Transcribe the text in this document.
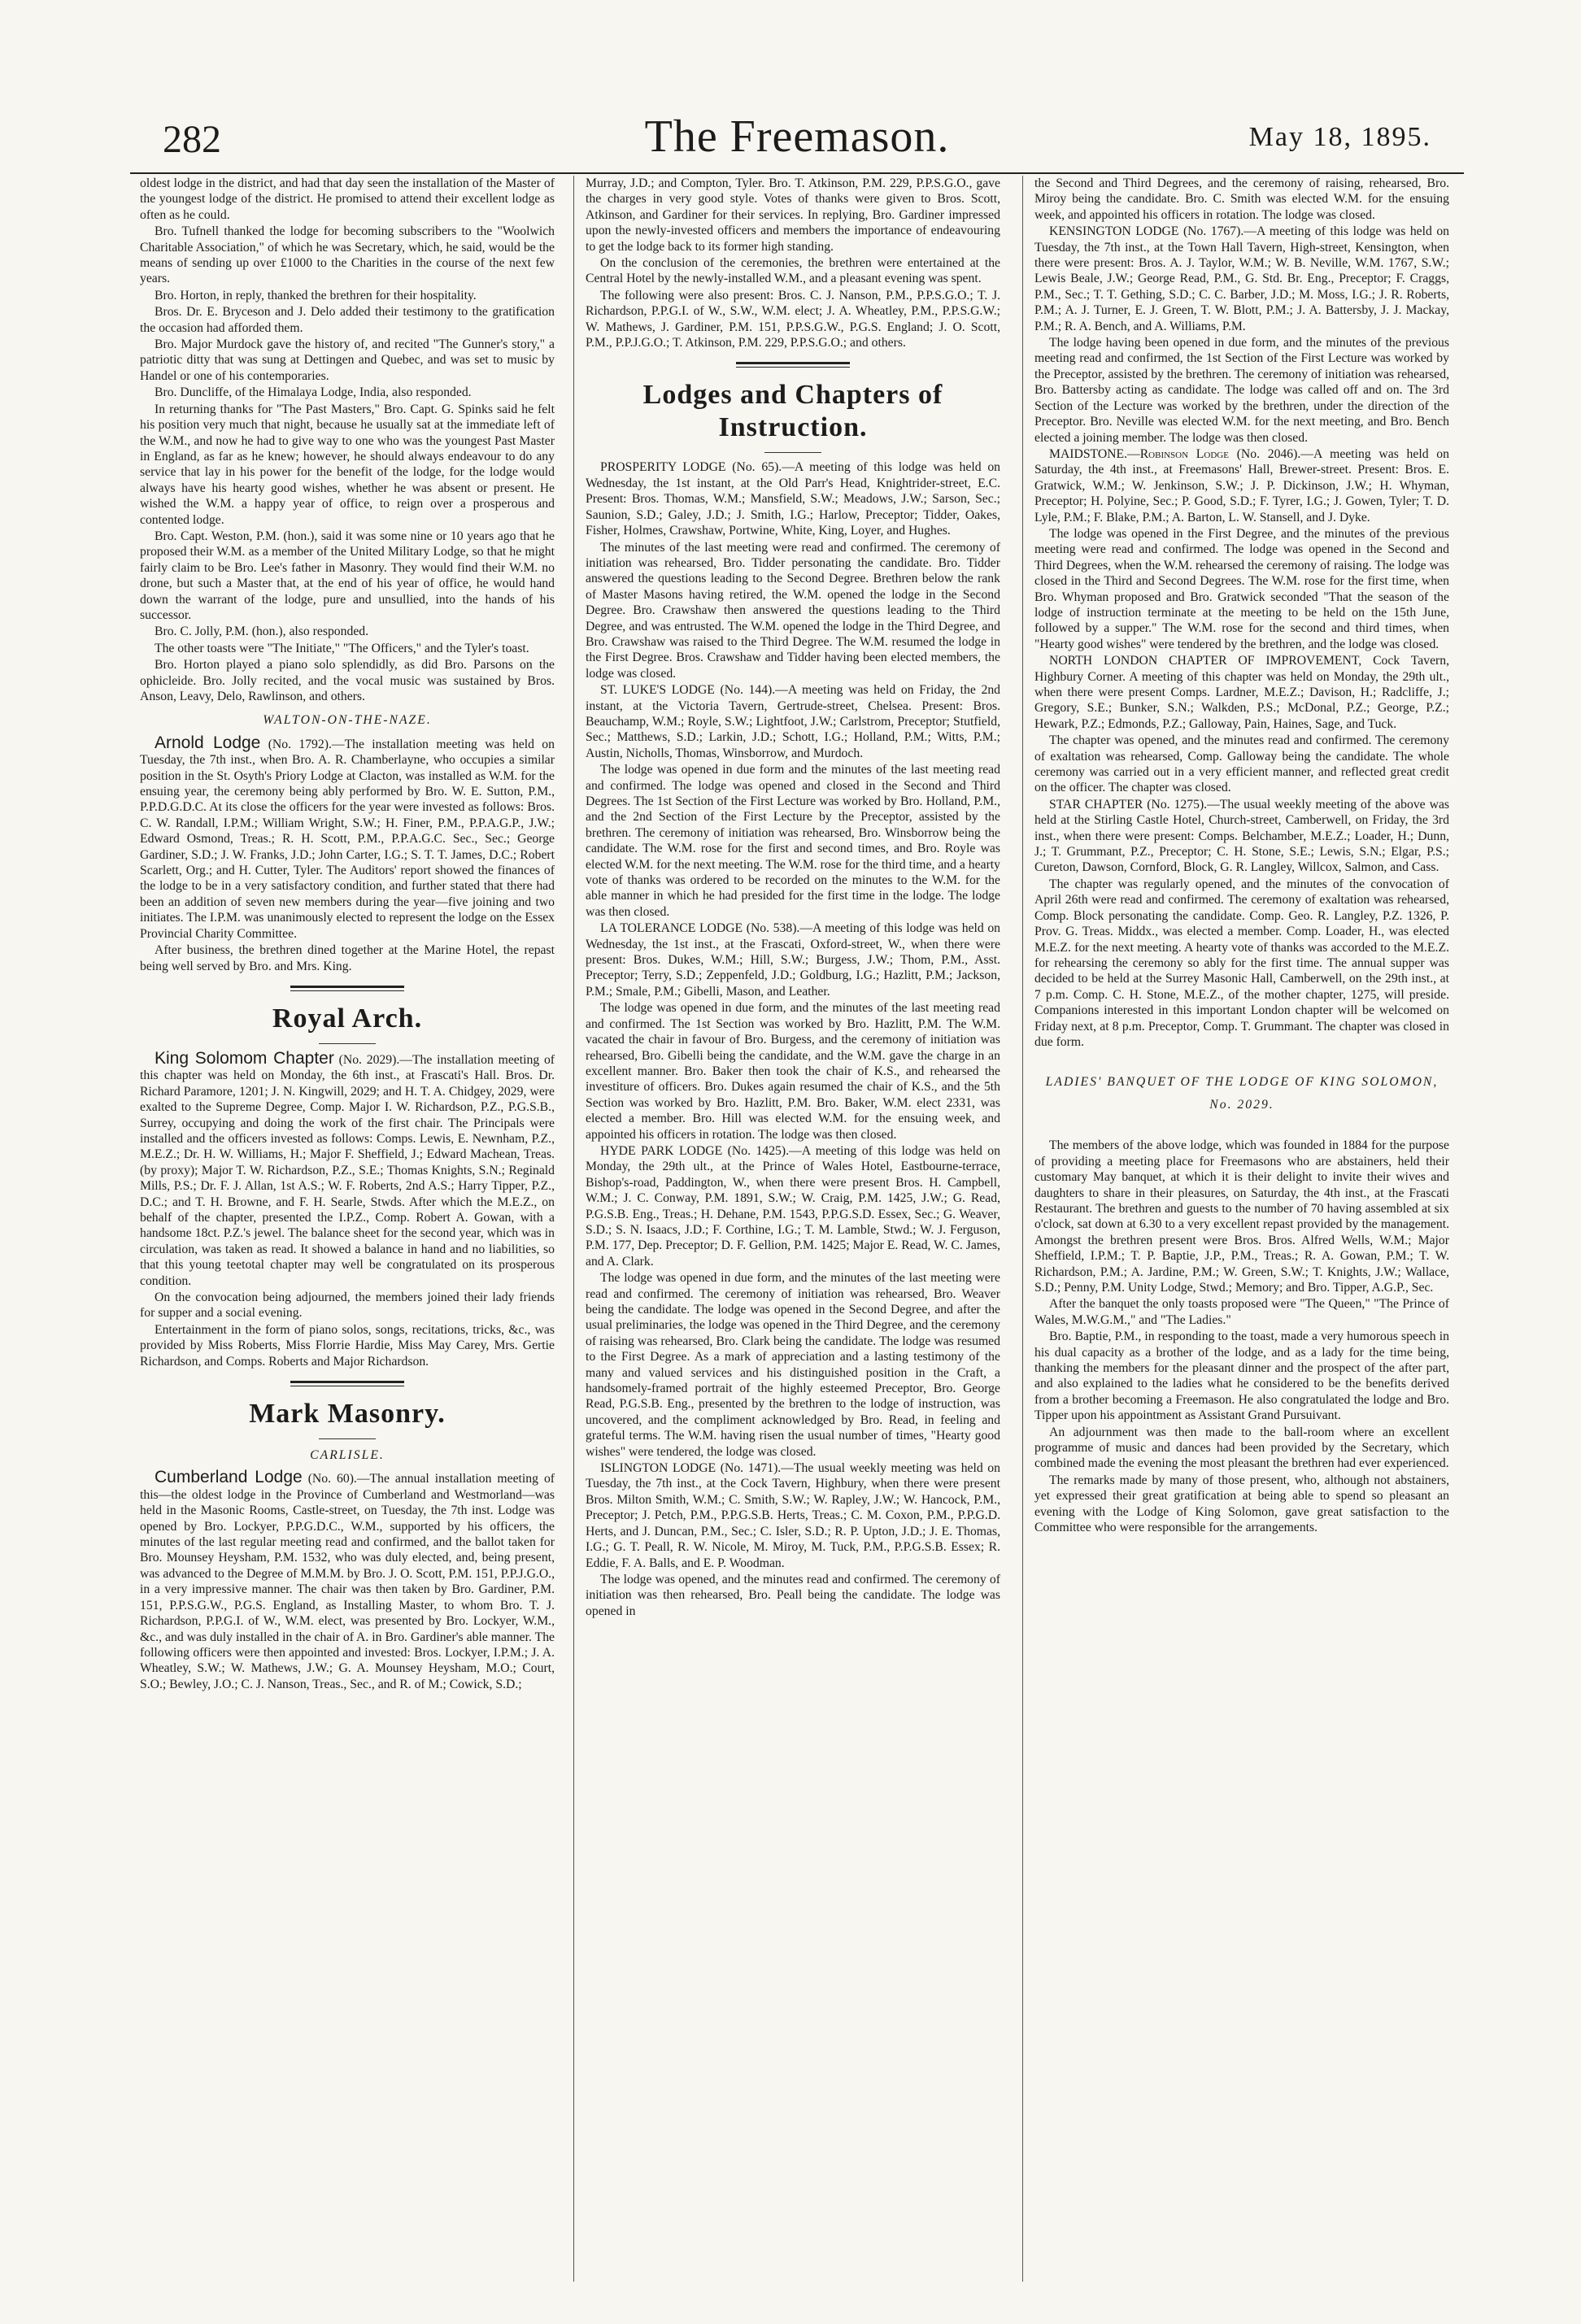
282	The Freemason.	May 18, 1895.

oldest lodge in the district, and had that day seen the installation of the Master of the youngest lodge of the district. He promised to attend their excellent lodge as often as he could.

Bro. Tufnell thanked the lodge for becoming subscribers to the "Woolwich Charitable Association," of which he was Secretary, which, he said, would be the means of sending up over £1000 to the Charities in the course of the next few years.

Bro. Horton, in reply, thanked the brethren for their hospitality.

Bros. Dr. E. Bryceson and J. Delo added their testimony to the gratification the occasion had afforded them.

Bro. Major Murdock gave the history of, and recited "The Gunner's story," a patriotic ditty that was sung at Dettingen and Quebec, and was set to music by Handel or one of his contemporaries.

Bro. Duncliffe, of the Himalaya Lodge, India, also responded.

In returning thanks for "The Past Masters," Bro. Capt. G. Spinks said he felt his position very much that night, because he usually sat at the immediate left of the W.M., and now he had to give way to one who was the youngest Past Master in England, as far as he knew; however, he should always endeavour to do any service that lay in his power for the benefit of the lodge, for the lodge would always have his hearty good wishes, whether he was absent or present. He wished the W.M. a happy year of office, to reign over a prosperous and contented lodge.

Bro. Capt. Weston, P.M. (hon.), said it was some nine or 10 years ago that he proposed their W.M. as a member of the United Military Lodge, so that he might fairly claim to be Bro. Lee's father in Masonry. They would find their W.M. no drone, but such a Master that, at the end of his year of office, he would hand down the warrant of the lodge, pure and unsullied, into the hands of his successor.

Bro. C. Jolly, P.M. (hon.), also responded.

The other toasts were "The Initiate," "The Officers," and the Tyler's toast.

Bro. Horton played a piano solo splendidly, as did Bro. Parsons on the ophicleide. Bro. Jolly recited, and the vocal music was sustained by Bros. Anson, Leavy, Delo, Rawlinson, and others.

WALTON-ON-THE-NAZE.

Arnold Lodge (No. 1792).—The installation meeting was held on Tuesday, the 7th inst., when Bro. A. R. Chamberlayne, who occupies a similar position in the St. Osyth's Priory Lodge at Clacton, was installed as W.M. for the ensuing year, the ceremony being ably performed by Bro. W. E. Sutton, P.M., P.P.D.G.D.C. At its close the officers for the year were invested as follows: Bros. C. W. Randall, I.P.M.; William Wright, S.W.; H. Finer, P.M., P.P.A.G.P., J.W.; Edward Osmond, Treas.; R. H. Scott, P.M., P.P.A.G.C. Sec., Sec.; George Gardiner, S.D.; J. W. Franks, J.D.; John Carter, I.G.; S. T. T. James, D.C.; Robert Scarlett, Org.; and H. Cutter, Tyler. The Auditors' report showed the finances of the lodge to be in a very satisfactory condition, and further stated that there had been an addition of seven new members during the year—five joining and two initiates. The I.P.M. was unanimously elected to represent the lodge on the Essex Provincial Charity Committee.

After business, the brethren dined together at the Marine Hotel, the repast being well served by Bro. and Mrs. King.

Royal Arch.

King Solomom Chapter (No. 2029).—The installation meeting of this chapter was held on Monday, the 6th inst., at Frascati's Hall. Bros. Dr. Richard Paramore, 1201; J. N. Kingwill, 2029; and H. T. A. Chidgey, 2029, were exalted to the Supreme Degree, Comp. Major I. W. Richardson, P.Z., P.G.S.B., Surrey, occupying and doing the work of the first chair. The Principals were installed and the officers invested as follows: Comps. Lewis, E. Newnham, P.Z., M.E.Z.; Dr. H. W. Williams, H.; Major F. Sheffield, J.; Edward Machean, Treas. (by proxy); Major T. W. Richardson, P.Z., S.E.; Thomas Knights, S.N.; Reginald Mills, P.S.; Dr. F. J. Allan, 1st A.S.; W. F. Roberts, 2nd A.S.; Harry Tipper, P.Z., D.C.; and T. H. Browne, and F. H. Searle, Stwds. After which the M.E.Z., on behalf of the chapter, presented the I.P.Z., Comp. Robert A. Gowan, with a handsome 18ct. P.Z.'s jewel. The balance sheet for the second year, which was in circulation, was taken as read. It showed a balance in hand and no liabilities, so that this young teetotal chapter may well be congratulated on its prosperous condition.

On the convocation being adjourned, the members joined their lady friends for supper and a social evening.

Entertainment in the form of piano solos, songs, recitations, tricks, &c., was provided by Miss Roberts, Miss Florrie Hardie, Miss May Carey, Mrs. Gertie Richardson, and Comps. Roberts and Major Richardson.

Mark Masonry.

CARLISLE.

Cumberland Lodge (No. 60).—The annual installation meeting of this—the oldest lodge in the Province of Cumberland and Westmorland—was held in the Masonic Rooms, Castle-street, on Tuesday, the 7th inst. Lodge was opened by Bro. Lockyer, P.P.G.D.C., W.M., supported by his officers, the minutes of the last regular meeting read and confirmed, and the ballot taken for Bro. Mounsey Heysham, P.M. 1532, who was duly elected, and, being present, was advanced to the Degree of M.M.M. by Bro. J. O. Scott, P.M. 151, P.P.J.G.O., in a very impressive manner. The chair was then taken by Bro. Gardiner, P.M. 151, P.P.S.G.W., P.G.S. England, as Installing Master, to whom Bro. T. J. Richardson, P.P.G.I. of W., W.M. elect, was presented by Bro. Lockyer, W.M., &c., and was duly installed in the chair of A. in Bro. Gardiner's able manner. The following officers were then appointed and invested: Bros. Lockyer, I.P.M.; J. A. Wheatley, S.W.; W. Mathews, J.W.; G. A. Mounsey Heysham, M.O.; Court, S.O.; Bewley, J.O.; C. J. Nanson, Treas., Sec., and R. of M.; Cowick, S.D.;

Murray, J.D.; and Compton, Tyler. Bro. T. Atkinson, P.M. 229, P.P.S.G.O., gave the charges in very good style. Votes of thanks were given to Bros. Scott, Atkinson, and Gardiner for their services. In replying, Bro. Gardiner impressed upon the newly-invested officers and members the importance of endeavouring to get the lodge back to its former high standing.

On the conclusion of the ceremonies, the brethren were entertained at the Central Hotel by the newly-installed W.M., and a pleasant evening was spent.

The following were also present: Bros. C. J. Nanson, P.M., P.P.S.G.O.; T. J. Richardson, P.P.G.I. of W., S.W., W.M. elect; J. A. Wheatley, P.M., P.P.S.G.W.; W. Mathews, J. Gardiner, P.M. 151, P.P.S.G.W., P.G.S. England; J. O. Scott, P.M., P.P.J.G.O.; T. Atkinson, P.M. 229, P.P.S.G.O.; and others.

Lodges and Chapters of Instruction.

PROSPERITY LODGE (No. 65).—A meeting of this lodge was held on Wednesday, the 1st instant, at the Old Parr's Head, Knightrider-street, E.C. Present: Bros. Thomas, W.M.; Mansfield, S.W.; Meadows, J.W.; Sarson, Sec.; Saunion, S.D.; Galey, J.D.; J. Smith, I.G.; Harlow, Preceptor; Tidder, Oakes, Fisher, Holmes, Crawshaw, Portwine, White, King, Loyer, and Hughes.

The minutes of the last meeting were read and confirmed. The ceremony of initiation was rehearsed, Bro. Tidder personating the candidate. Bro. Tidder answered the questions leading to the Second Degree. Brethren below the rank of Master Masons having retired, the W.M. opened the lodge in the Second Degree. Bro. Crawshaw then answered the questions leading to the Third Degree, and was entrusted. The W.M. opened the lodge in the Third Degree, and Bro. Crawshaw was raised to the Third Degree. The W.M. resumed the lodge in the First Degree. Bros. Crawshaw and Tidder having been elected members, the lodge was closed.

ST. LUKE'S LODGE (No. 144).—A meeting was held on Friday, the 2nd instant, at the Victoria Tavern, Gertrude-street, Chelsea. Present: Bros. Beauchamp, W.M.; Royle, S.W.; Lightfoot, J.W.; Carlstrom, Preceptor; Stutfield, Sec.; Matthews, S.D.; Larkin, J.D.; Schott, I.G.; Holland, P.M.; Witts, P.M.; Austin, Nicholls, Thomas, Winsborrow, and Murdoch.

The lodge was opened in due form and the minutes of the last meeting read and confirmed. The lodge was opened and closed in the Second and Third Degrees. The 1st Section of the First Lecture was worked by Bro. Holland, P.M., and the 2nd Section of the First Lecture by the Preceptor, assisted by the brethren. The ceremony of initiation was rehearsed, Bro. Winsborrow being the candidate. The W.M. rose for the first and second times, and Bro. Royle was elected W.M. for the next meeting. The W.M. rose for the third time, and a hearty vote of thanks was ordered to be recorded on the minutes to the W.M. for the able manner in which he had presided for the first time in the lodge. The lodge was then closed.

LA TOLERANCE LODGE (No. 538).—A meeting of this lodge was held on Wednesday, the 1st inst., at the Frascati, Oxford-street, W., when there were present: Bros. Dukes, W.M.; Hill, S.W.; Burgess, J.W.; Thom, P.M., Asst. Preceptor; Terry, S.D.; Zeppenfeld, J.D.; Goldburg, I.G.; Hazlitt, P.M.; Jackson, P.M.; Smale, P.M.; Gibelli, Mason, and Leather.

The lodge was opened in due form, and the minutes of the last meeting read and confirmed. The 1st Section was worked by Bro. Hazlitt, P.M. The W.M. vacated the chair in favour of Bro. Burgess, and the ceremony of initiation was rehearsed, Bro. Gibelli being the candidate, and the W.M. gave the charge in an excellent manner. Bro. Baker then took the chair of K.S., and rehearsed the investiture of officers. Bro. Dukes again resumed the chair of K.S., and the 5th Section was worked by Bro. Hazlitt, P.M. Bro. Baker, W.M. elect 2331, was elected a member. Bro. Hill was elected W.M. for the ensuing week, and appointed his officers in rotation. The lodge was then closed.

HYDE PARK LODGE (No. 1425).—A meeting of this lodge was held on Monday, the 29th ult., at the Prince of Wales Hotel, Eastbourne-terrace, Bishop's-road, Paddington, W., when there were present Bros. H. Campbell, W.M.; J. C. Conway, P.M. 1891, S.W.; W. Craig, P.M. 1425, J.W.; G. Read, P.G.S.B. Eng., Treas.; H. Dehane, P.M. 1543, P.P.G.S.D. Essex, Sec.; G. Weaver, S.D.; S. N. Isaacs, J.D.; F. Corthine, I.G.; T. M. Lamble, Stwd.; W. J. Ferguson, P.M. 177, Dep. Preceptor; D. F. Gellion, P.M. 1425; Major E. Read, W. C. James, and A. Clark.

The lodge was opened in due form, and the minutes of the last meeting were read and confirmed. The ceremony of initiation was rehearsed, Bro. Weaver being the candidate. The lodge was opened in the Second Degree, and after the usual preliminaries, the lodge was opened in the Third Degree, and the ceremony of raising was rehearsed, Bro. Clark being the candidate. The lodge was resumed to the First Degree. As a mark of appreciation and a lasting testimony of the many and valued services and his distinguished position in the Craft, a handsomely-framed portrait of the highly esteemed Preceptor, Bro. George Read, P.G.S.B. Eng., presented by the brethren to the lodge of instruction, was uncovered, and the compliment acknowledged by Bro. Read, in feeling and grateful terms. The W.M. having risen the usual number of times, "Hearty good wishes" were tendered, the lodge was closed.

ISLINGTON LODGE (No. 1471).—The usual weekly meeting was held on Tuesday, the 7th inst., at the Cock Tavern, Highbury, when there were present Bros. Milton Smith, W.M.; C. Smith, S.W.; W. Rapley, J.W.; W. Hancock, P.M., Preceptor; J. Petch, P.M., P.P.G.S.B. Herts, Treas.; C. M. Coxon, P.M., P.P.G.D. Herts, and J. Duncan, P.M., Sec.; C. Isler, S.D.; R. P. Upton, J.D.; J. E. Thomas, I.G.; G. T. Peall, R. W. Nicole, M. Miroy, M. Tuck, P.M., P.P.G.S.B. Essex; R. Eddie, F. A. Balls, and E. P. Woodman.

The lodge was opened, and the minutes read and confirmed. The ceremony of initiation was then rehearsed, Bro. Peall being the candidate. The lodge was opened in

the Second and Third Degrees, and the ceremony of raising, rehearsed, Bro. Miroy being the candidate. Bro. C. Smith was elected W.M. for the ensuing week, and appointed his officers in rotation. The lodge was closed.

KENSINGTON LODGE (No. 1767).—A meeting of this lodge was held on Tuesday, the 7th inst., at the Town Hall Tavern, High-street, Kensington, when there were present: Bros. A. J. Taylor, W.M.; W. B. Neville, W.M. 1767, S.W.; Lewis Beale, J.W.; George Read, P.M., G. Std. Br. Eng., Preceptor; F. Craggs, P.M., Sec.; T. T. Gething, S.D.; C. C. Barber, J.D.; M. Moss, I.G.; J. R. Roberts, P.M.; A. J. Turner, E. J. Green, T. W. Blott, P.M.; J. A. Battersby, J. J. Mackay, P.M.; R. A. Bench, and A. Williams, P.M.

The lodge having been opened in due form, and the minutes of the previous meeting read and confirmed, the 1st Section of the First Lecture was worked by the Preceptor, assisted by the brethren. The ceremony of initiation was rehearsed, Bro. Battersby acting as candidate. The lodge was called off and on. The 3rd Section of the Lecture was worked by the brethren, under the direction of the Preceptor. Bro. Neville was elected W.M. for the next meeting, and Bro. Bench elected a joining member. The lodge was then closed.

MAIDSTONE.—Robinson Lodge (No. 2046).—A meeting was held on Saturday, the 4th inst., at Freemasons' Hall, Brewer-street. Present: Bros. E. Gratwick, W.M.; W. Jenkinson, S.W.; J. P. Dickinson, J.W.; H. Whyman, Preceptor; H. Polyine, Sec.; P. Good, S.D.; F. Tyrer, I.G.; J. Gowen, Tyler; T. D. Lyle, P.M.; F. Blake, P.M.; A. Barton, L. W. Stansell, and J. Dyke.

The lodge was opened in the First Degree, and the minutes of the previous meeting were read and confirmed. The lodge was opened in the Second and Third Degrees, when the W.M. rehearsed the ceremony of raising. The lodge was closed in the Third and Second Degrees. The W.M. rose for the first time, when Bro. Whyman proposed and Bro. Gratwick seconded "That the season of the lodge of instruction terminate at the meeting to be held on the 15th June, followed by a supper." The W.M. rose for the second and third times, when "Hearty good wishes" were tendered by the brethren, and the lodge was closed.

NORTH LONDON CHAPTER OF IMPROVEMENT, Cock Tavern, Highbury Corner. A meeting of this chapter was held on Monday, the 29th ult., when there were present Comps. Lardner, M.E.Z.; Davison, H.; Radcliffe, J.; Gregory, S.E.; Bunker, S.N.; Walkden, P.S.; McDonal, P.Z.; George, P.Z.; Hewark, P.Z.; Edmonds, P.Z.; Galloway, Pain, Haines, Sage, and Tuck.

The chapter was opened, and the minutes read and confirmed. The ceremony of exaltation was rehearsed, Comp. Galloway being the candidate. The whole ceremony was carried out in a very efficient manner, and reflected great credit on the officer. The chapter was closed.

STAR CHAPTER (No. 1275).—The usual weekly meeting of the above was held at the Stirling Castle Hotel, Church-street, Camberwell, on Friday, the 3rd inst., when there were present: Comps. Belchamber, M.E.Z.; Loader, H.; Dunn, J.; T. Grummant, P.Z., Preceptor; C. H. Stone, S.E.; Lewis, S.N.; Elgar, P.S.; Cureton, Dawson, Cornford, Block, G. R. Langley, Willcox, Salmon, and Cass.

The chapter was regularly opened, and the minutes of the convocation of April 26th were read and confirmed. The ceremony of exaltation was rehearsed, Comp. Block personating the candidate. Comp. Geo. R. Langley, P.Z. 1326, P. Prov. G. Treas. Middx., was elected a member. Comp. Loader, H., was elected M.E.Z. for the next meeting. A hearty vote of thanks was accorded to the M.E.Z. for rehearsing the ceremony so ably for the first time. The annual supper was decided to be held at the Surrey Masonic Hall, Camberwell, on the 29th inst., at 7 p.m. Comp. C. H. Stone, M.E.Z., of the mother chapter, 1275, will preside. Companions interested in this important London chapter will be welcomed on Friday next, at 8 p.m. Preceptor, Comp. T. Grummant. The chapter was closed in due form.

LADIES' BANQUET OF THE LODGE OF KING SOLOMON, No. 2029.

The members of the above lodge, which was founded in 1884 for the purpose of providing a meeting place for Freemasons who are abstainers, held their customary May banquet, at which it is their delight to invite their wives and daughters to share in their pleasures, on Saturday, the 4th inst., at the Frascati Restaurant. The brethren and guests to the number of 70 having assembled at six o'clock, sat down at 6.30 to a very excellent repast provided by the management. Amongst the brethren present were Bros. Bros. Alfred Wells, W.M.; Major Sheffield, I.P.M.; T. P. Baptie, J.P., P.M., Treas.; R. A. Gowan, P.M.; T. W. Richardson, P.M.; A. Jardine, P.M.; W. Green, S.W.; T. Knights, J.W.; Wallace, S.D.; Penny, P.M. Unity Lodge, Stwd.; Memory; and Bro. Tipper, A.G.P., Sec.

After the banquet the only toasts proposed were "The Queen," "The Prince of Wales, M.W.G.M.," and "The Ladies."

Bro. Baptie, P.M., in responding to the toast, made a very humorous speech in his dual capacity as a brother of the lodge, and as a lady for the time being, thanking the members for the pleasant dinner and the prospect of the after part, and also explained to the ladies what he considered to be the benefits derived from a brother becoming a Freemason. He also congratulated the lodge and Bro. Tipper upon his appointment as Assistant Grand Pursuivant.

An adjournment was then made to the ball-room where an excellent programme of music and dances had been provided by the Secretary, which combined made the evening the most pleasant the brethren had ever experienced.

The remarks made by many of those present, who, although not abstainers, yet expressed their great gratification at being able to spend so pleasant an evening with the Lodge of King Solomon, gave great satisfaction to the Committee who were responsible for the arrangements.
